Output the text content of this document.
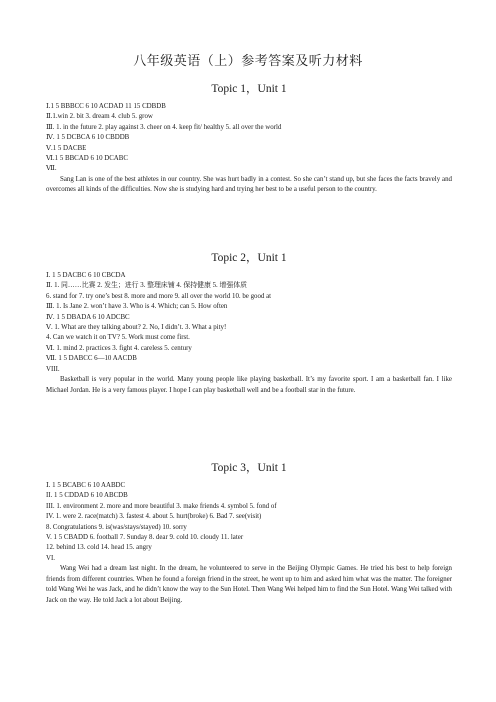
八年级英语（上）参考答案及听力材料
Topic 1，Unit 1
Ⅰ.1 5 BBBCC 6 10 ACDAD 11 15 CDBDB
Ⅱ.1.win 2. bit 3. dream 4. club 5. grow
Ⅲ. 1. in the future 2. play against 3. cheer on 4. keep fit/ healthy 5. all over the world
Ⅳ. 1 5 DCBCA 6 10 CBDDB
Ⅴ.1 5 DACBE
Ⅵ.1 5 BBCAD 6 10 DCABC
Ⅶ.
Sang Lan is one of the best athletes in our country. She was hurt badly in a contest. So she can’t stand up, but she faces the facts bravely and overcomes all kinds of the difficulties. Now she is studying hard and trying her best to be a useful person to the country.
Topic 2，Unit 1
Ⅰ. 1 5 DACBC 6 10 CBCDA
Ⅱ. 1. 同……比赛 2. 发生；进行 3. 整理床铺 4. 保持健康 5. 增强体质
6. stand for 7. try one’s best 8. more and more 9. all over the world 10. be good at
Ⅲ. 1. Is Jane 2. won’t have 3. Who is 4. Which; can 5. How often
Ⅳ. 1 5 DBADA 6 10 ADCBC
Ⅴ. 1. What are they talking about? 2. No, I didn’t. 3. What a pity!
4. Can we watch it on TV? 5. Work must come first.
Ⅵ. 1. mind 2. practices 3. fight 4. careless 5. century
Ⅶ. 1 5 DABCC 6—10 AACDB
VIII.
Basketball is very popular in the world. Many young people like playing basketball. It’s my favorite sport. I am a basketball fan. I like Michael Jordan. He is a very famous player. I hope I can play basketball well and be a football star in the future.
Topic 3，Unit 1
Ⅰ. 1 5 BCABC 6 10 AABDC
II. 1 5 CDDAD 6 10 ABCDB
III. 1. environment 2. more and more beautiful 3. make friends 4. symbol 5. fond of
IV. 1. were 2. race(match) 3. fastest 4. about 5. hurt(broke) 6. Bad 7. see(visit)
8. Congratulations 9. is(was/stays/stayed) 10. sorry
V. 1 5 CBADD 6. football 7. Sunday 8. dear 9. cold 10. cloudy 11. later
12. behind 13. cold 14. head 15. angry
VI.
Wang Wei had a dream last night. In the dream, he volunteered to serve in the Beijing Olympic Games. He tried his best to help foreign friends from different countries. When he found a foreign friend in the street, he went up to him and asked him what was the matter. The foreigner told Wang Wei he was Jack, and he didn’t know the way to the Sun Hotel. Then Wang Wei helped him to find the Sun Hotel. Wang Wei talked with Jack on the way. He told Jack a lot about Beijing.
